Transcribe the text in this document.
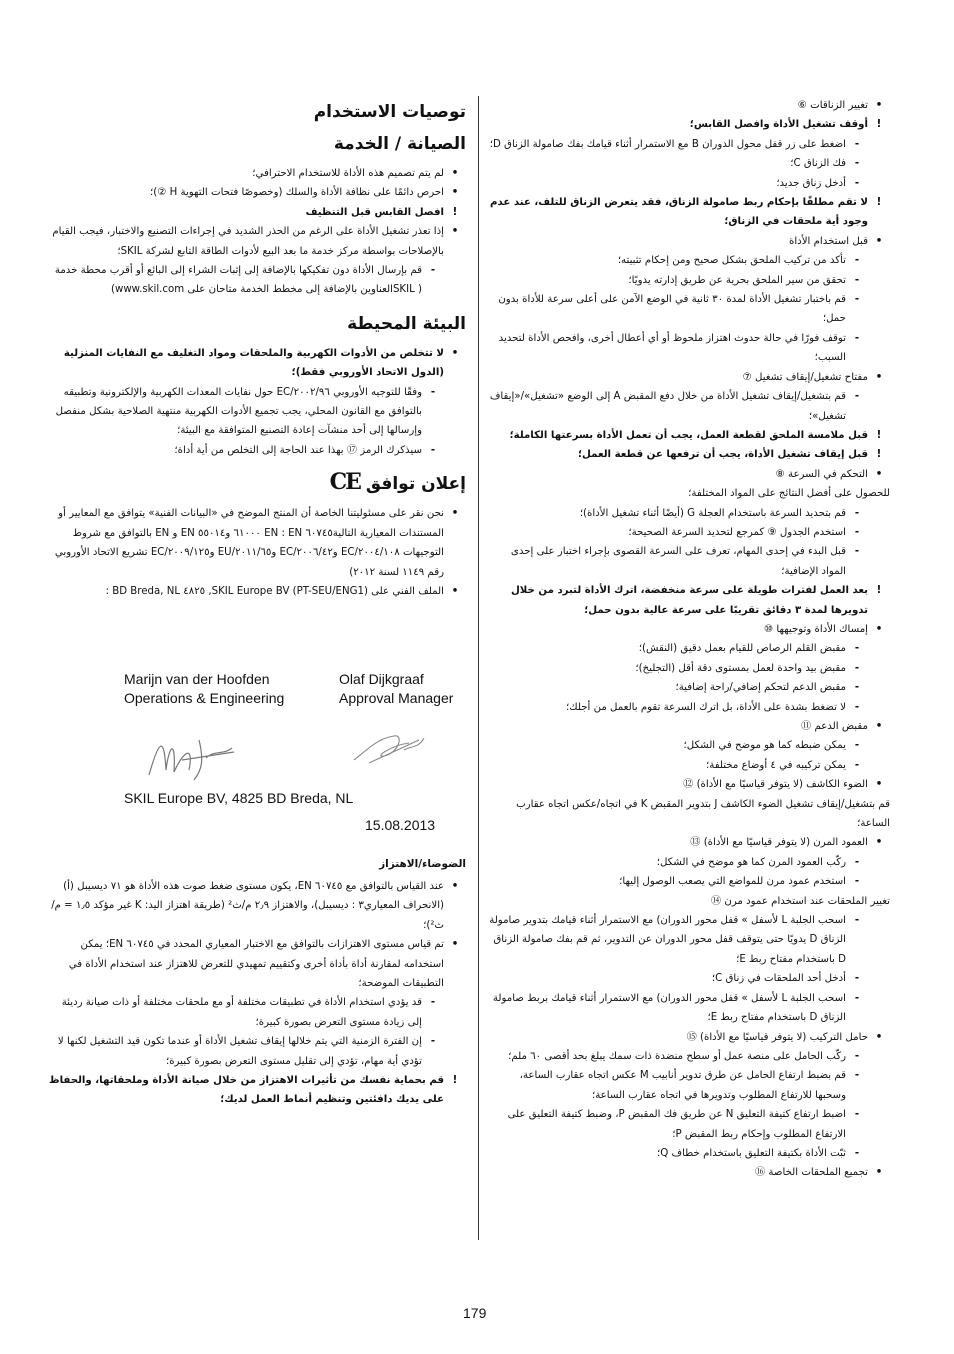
•
تغيير الزناقات ⑥
!
أوقف تشغيل الأداة وافصل القابس؛
-
اضغط على زر قفل محول الدوران B مع الاستمرار أثناء قيامك بفك صامولة الزناق D؛
-
فك الزناق C؛
-
أدخل زناق جديد؛
!
لا تقم مطلقًا بإحكام ربط صامولة الزناق، فقد يتعرض الزناق للتلف، عند عدم وجود أية ملحقات في الزناق؛
•
قبل استخدام الأداة
-
تأكد من تركيب الملحق بشكل صحيح ومن إحكام تثبيته؛
-
تحقق من سير الملحق بحرية عن طريق إدارته يدويًا؛
-
قم باختبار تشغيل الأداة لمدة ٣٠ ثانية في الوضع الآمن على أعلى سرعة للأداة بدون حمل؛
-
توقف فورًا في حالة حدوث اهتزاز ملحوظ أو أي أعطال أخرى، وافحص الأداة لتحديد السبب؛
•
مفتاح تشغيل/إيقاف تشغيل ⑦
-
قم بتشغيل/إيقاف تشغيل الأداة من خلال دفع المقبض A إلى الوضع «تشغيل»/«إيقاف تشغيل»؛
!
قبل ملامسة الملحق لقطعة العمل، يجب أن تعمل الأداة بسرعتها الكاملة؛
!
قبل إيقاف تشغيل الأداة، يجب أن ترفعها عن قطعة العمل؛
•
التحكم في السرعة ⑧
للحصول على أفضل النتائج على المواد المختلفة؛
-
قم بتحديد السرعة باستخدام العجلة G (أيضًا أثناء تشغيل الأداة)؛
-
استخدم الجدول ⑨ كمرجع لتحديد السرعة الصحيحة؛
-
قبل البدء في إحدى المهام، تعرف على السرعة القصوى بإجراء اختبار على إحدى المواد الإضافية؛
!
بعد العمل لفترات طويلة على سرعة منخفضة، اترك الأداة لتبرد من خلال تدويرها لمدة ٣ دقائق تقريبًا على سرعة عالية بدون حمل؛
•
إمساك الأداة وتوجيهها ⑩
-
مقبض القلم الرصاص للقيام بعمل دقيق (النقش)؛
-
مقبض بيد واحدة لعمل بمستوى دقة أقل (التجليخ)؛
-
مقبض الدعم لتحكم إضافي/راحة إضافية؛
-
لا تضغط بشدة على الأداة، بل اترك السرعة تقوم بالعمل من أجلك؛
•
مقبض الدعم ⑪
-
يمكن ضبطه كما هو موضح في الشكل؛
-
يمكن تركيبه في ٤ أوضاع مختلفة؛
•
الضوء الكاشف (لا يتوفر قياسيًا مع الأداة) ⑫
قم بتشغيل/إيقاف تشغيل الضوء الكاشف J بتدوير المقبض K في اتجاه/عكس اتجاه عقارب الساعة؛
•
العمود المرن (لا يتوفر قياسيًا مع الأداة) ⑬
-
ركّب العمود المرن كما هو موضح في الشكل؛
-
استخدم عمود مرن للمواضع التي يصعب الوصول إليها؛
تغيير الملحقات عند استخدام عمود مرن ⑭
-
اسحب الجلبة L لأسفل » قفل محور الدوران) مع الاستمرار أثناء قيامك بتدوير صامولة الزناق D يدويًا حتى يتوقف قفل محور الدوران عن التدوير، ثم قم بفك صامولة الزناق D باستخدام مفتاح ربط E؛
-
أدخل أحد الملحقات في زناق C؛
-
اسحب الجلبة L لأسفل » قفل محور الدوران) مع الاستمرار أثناء قيامك بربط صامولة الزناق D باستخدام مفتاح ربط E؛
•
حامل التركيب (لا يتوفر قياسيًا مع الأداة) ⑮
-
ركّب الحامل على منصة عمل أو سطح منضدة ذات سمك يبلغ بحد أقصى ٦٠ ملم؛
-
قم بضبط ارتفاع الحامل عن طرق تدوير أنابيب M عكس اتجاه عقارب الساعة، وسحبها للارتفاع المطلوب وتدويرها في اتجاه عقارب الساعة؛
-
اضبط ارتفاع كتيفة التعليق N عن طريق فك المقبض P، وضبط كتيفة التعليق على الارتفاع المطلوب وإحكام ربط المقبض P؛
-
ثبّت الأداة بكتيفة التعليق باستخدام خطاف Q؛
•
تجميع الملحقات الخاصة ⑯
توصيات الاستخدام
الصيانة / الخدمة
•
لم يتم تصميم هذه الأداة للاستخدام الاحترافي؛
•
احرص دائمًا على نظافة الأداة والسلك (وخصوصًا فتحات التهوية H ②)؛
!
افصل القابس قبل التنظيف
•
إذا تعذر تشغيل الأداة على الرغم من الحذر الشديد في إجراءات التصنيع والاختبار، فيجب القيام بالإصلاحات بواسطة مركز خدمة ما بعد البيع لأدوات الطاقة التابع لشركة SKIL؛
-
قم بإرسال الأداة دون تفكيكها بالإضافة إلى إثبات الشراء إلى البائع أو أقرب محطة خدمة ( SKILالعناوين بالإضافة إلى مخطط الخدمة متاحان على www.skil.com)
البيئة المحيطة
•
لا تتخلص من الأدوات الكهربية والملحقات ومواد التغليف مع النفايات المنزلية (الدول الاتحاد الأوروبي فقط)؛
-
وفقًا للتوجيه الأوروبي ٢٠٠٢/٩٦/EC حول نفايات المعدات الكهربية والإلكترونية وتطبيقه بالتوافق مع القانون المحلي، يجب تجميع الأدوات الكهربية منتهية الصلاحية بشكل منفصل وإرسالها إلى أحد منشآت إعادة التصنيع المتوافقة مع البيئة؛
-
سيذكرك الرمز ⑰ بهذا عند الحاجة إلى التخلص من أية أداة؛
إعلان توافقCE
•
نحن نقر على مسئوليتنا الخاصة أن المنتج الموضح في «البيانات الفنية» يتوافق مع المعايير أو المستندات المعيارية التالية٦٠٧٤٥ EN : EN ٦١٠٠٠ و٥٥٠١٤ EN و EN بالتوافق مع شروط التوجيهات ٢٠٠٤/١٠٨/EC و٢٠٠٦/٤٢/EC و٢٠١١/٦٥/EU و٢٠٠٩/١٢٥/EC تشريع الاتحاد الأوروبي رقم ١١٤٩ لسنة ٢٠١٢)
•
الملف الفني على SKIL Europe BV (PT-SEU/ENG1), ٤٨٢٥ BD Breda, NL :
Marijn van der Hoofden
Operations & Engineering
Olaf Dijkgraaf
Approval Manager
SKIL Europe BV, 4825 BD Breda, NL
15.08.2013
الضوضاء/الاهتزاز
•
عند القياس بالتوافق مع ٦٠٧٤٥ EN، يكون مستوى ضغط صوت هذه الأداة هو ٧١ ديسيبل (أ) (الانحراف المعياري٣ : ديسيبل)، والاهتزاز ٢٫٩ م/ث² (طريقة اهتزاز اليد: K غير مؤكد ١٫٥ = م/ث²)؛
•
تم قياس مستوى الاهتزازات بالتوافق مع الاختبار المعياري المحدد في ٦٠٧٤٥ EN؛ يمكن استخدامه لمقارنة أداة بأداة أخرى وكتقييم تمهيدي للتعرض للاهتزاز عند استخدام الأداة في التطبيقات الموضحة؛
-
قد يؤدي استخدام الأداة في تطبيقات مختلفة أو مع ملحقات مختلفة أو ذات صيانة رديئة إلى زيادة مستوى التعرض بصورة كبيرة؛
-
إن الفترة الزمنية التي يتم خلالها إيقاف تشغيل الأداة أو عندما تكون قيد التشغيل لكنها لا تؤدي أية مهام، تؤدي إلى تقليل مستوى التعرض بصورة كبيرة؛
!
قم بحماية نفسك من تأثيرات الاهتزاز من خلال صيانة الأداة وملحقاتها، والحفاظ على يديك دافئتين وتنظيم أنماط العمل لديك؛
179
